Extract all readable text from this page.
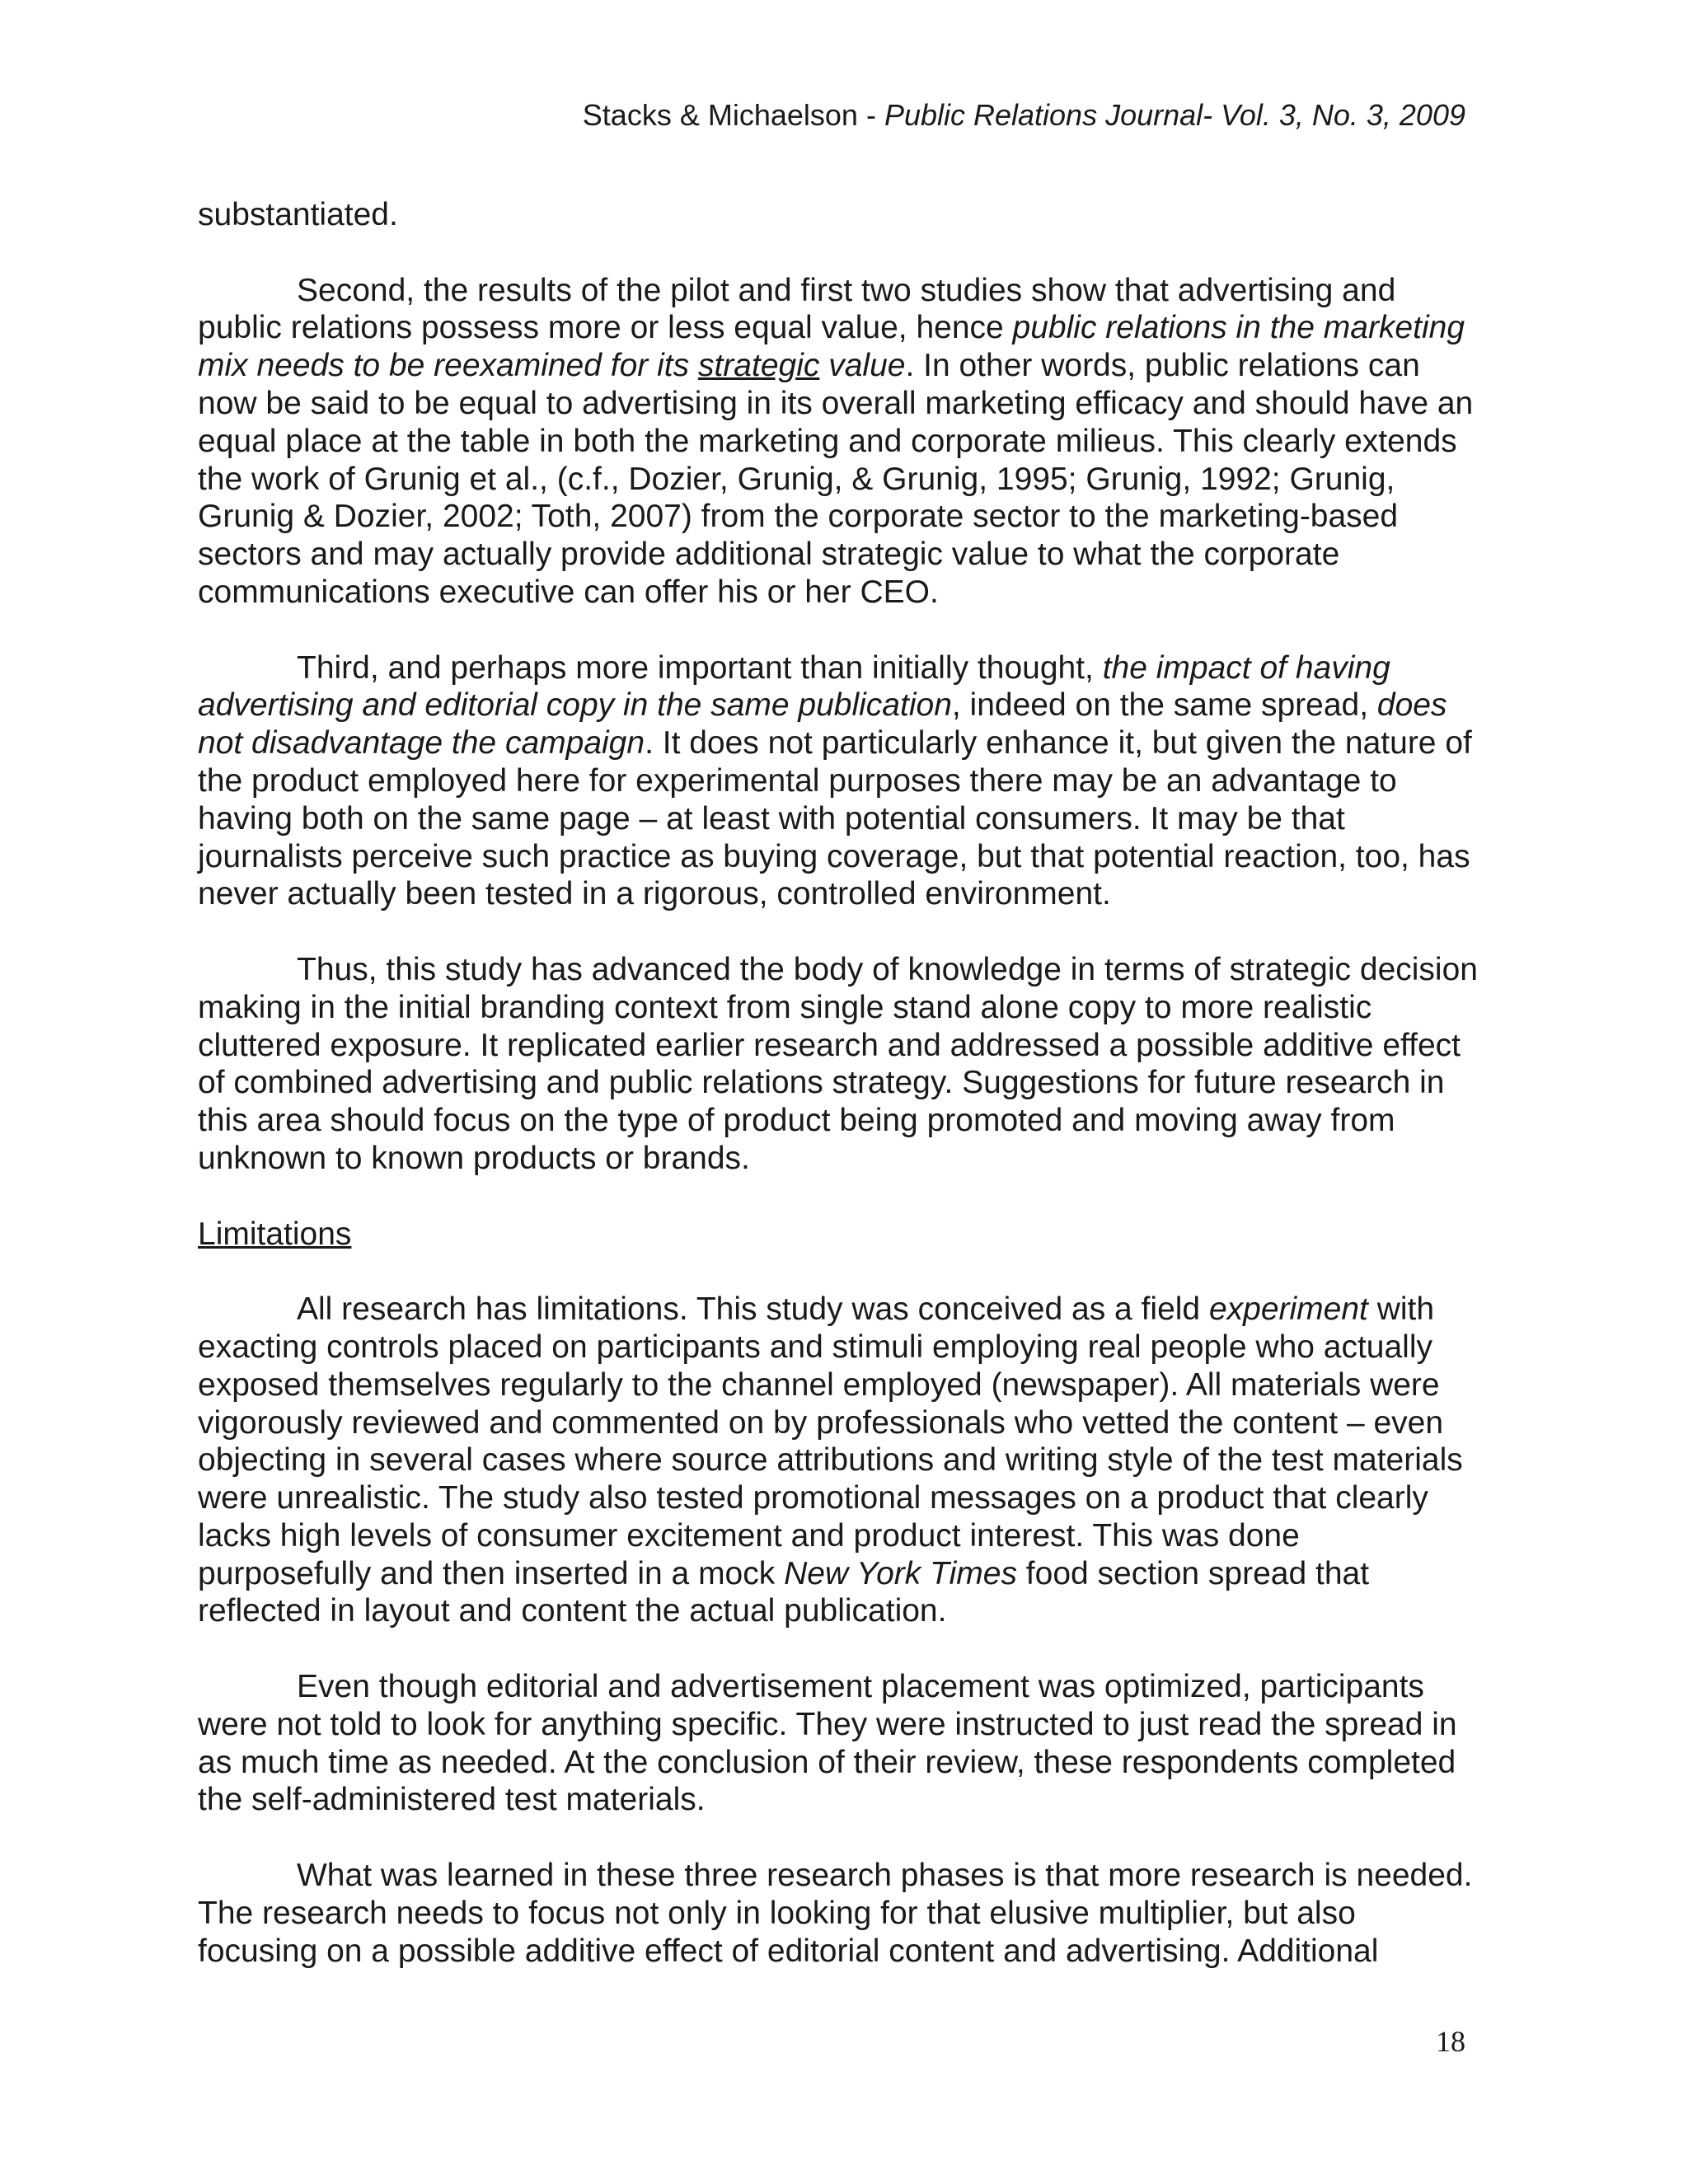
Stacks & Michaelson - Public Relations Journal- Vol. 3, No. 3, 2009

substantiated.

Second, the results of the pilot and first two studies show that advertising and public relations possess more or less equal value, hence public relations in the marketing mix needs to be reexamined for its strategic value. In other words, public relations can now be said to be equal to advertising in its overall marketing efficacy and should have an equal place at the table in both the marketing and corporate milieus. This clearly extends the work of Grunig et al., (c.f., Dozier, Grunig, & Grunig, 1995; Grunig, 1992; Grunig, Grunig & Dozier, 2002; Toth, 2007) from the corporate sector to the marketing-based sectors and may actually provide additional strategic value to what the corporate communications executive can offer his or her CEO.

Third, and perhaps more important than initially thought, the impact of having advertising and editorial copy in the same publication, indeed on the same spread, does not disadvantage the campaign. It does not particularly enhance it, but given the nature of the product employed here for experimental purposes there may be an advantage to having both on the same page – at least with potential consumers. It may be that journalists perceive such practice as buying coverage, but that potential reaction, too, has never actually been tested in a rigorous, controlled environment.

Thus, this study has advanced the body of knowledge in terms of strategic decision making in the initial branding context from single stand alone copy to more realistic cluttered exposure. It replicated earlier research and addressed a possible additive effect of combined advertising and public relations strategy. Suggestions for future research in this area should focus on the type of product being promoted and moving away from unknown to known products or brands.

Limitations

All research has limitations. This study was conceived as a field experiment with exacting controls placed on participants and stimuli employing real people who actually exposed themselves regularly to the channel employed (newspaper). All materials were vigorously reviewed and commented on by professionals who vetted the content – even objecting in several cases where source attributions and writing style of the test materials were unrealistic. The study also tested promotional messages on a product that clearly lacks high levels of consumer excitement and product interest. This was done purposefully and then inserted in a mock New York Times food section spread that reflected in layout and content the actual publication.

Even though editorial and advertisement placement was optimized, participants were not told to look for anything specific. They were instructed to just read the spread in as much time as needed. At the conclusion of their review, these respondents completed the self-administered test materials.

What was learned in these three research phases is that more research is needed. The research needs to focus not only in looking for that elusive multiplier, but also focusing on a possible additive effect of editorial content and advertising. Additional

18
